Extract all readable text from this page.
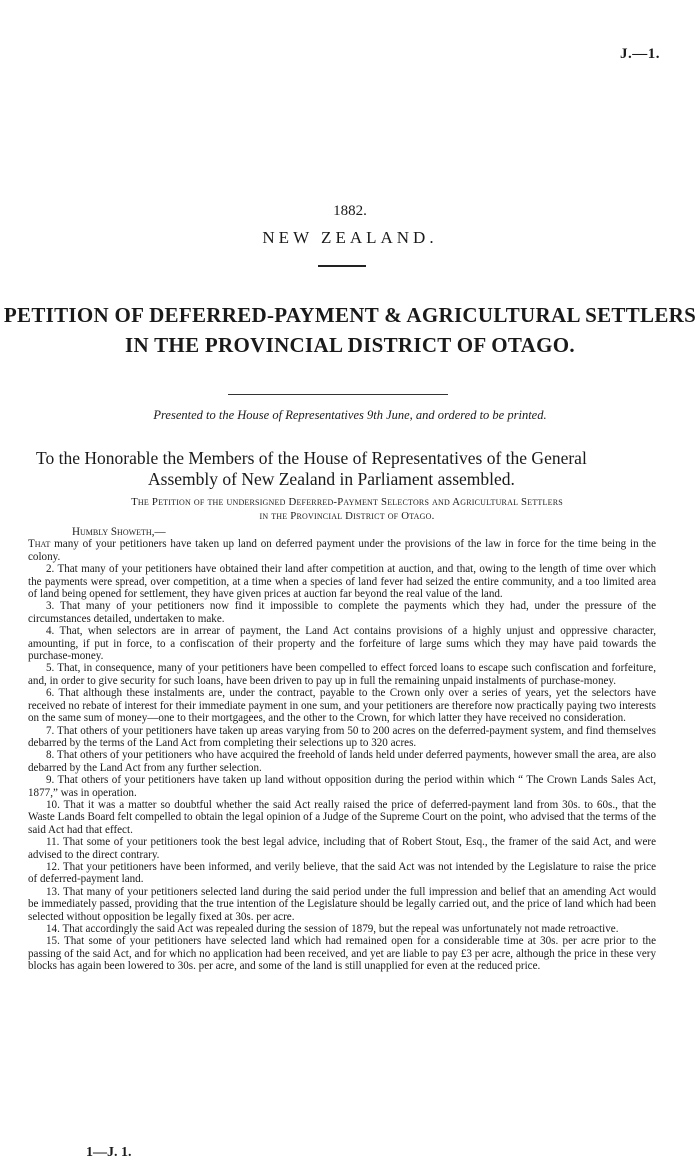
J.—1.
1882.
NEW ZEALAND.
PETITION OF DEFERRED-PAYMENT & AGRICULTURAL SETTLERS
IN THE PROVINCIAL DISTRICT OF OTAGO.
Presented to the House of Representatives 9th June, and ordered to be printed.
To the Honorable the Members of the House of Representatives of the General
Assembly of New Zealand in Parliament assembled.
The Petition of the undersigned Deferred-Payment Selectors and Agricultural Settlers
in the Provincial District of Otago.

Humbly Showeth,—

That many of your petitioners have taken up land on deferred payment under the provisions of the law in force for the time being in the colony.

2. That many of your petitioners have obtained their land after competition at auction, and that, owing to the length of time over which the payments were spread, over competition, at a time when a species of land fever had seized the entire community, and a too limited area of land being opened for settlement, they have given prices at auction far beyond the real value of the land.

3. That many of your petitioners now find it impossible to complete the payments which they had, under the pressure of the circumstances detailed, undertaken to make.

4. That, when selectors are in arrear of payment, the Land Act contains provisions of a highly unjust and oppressive character, amounting, if put in force, to a confiscation of their property and the forfeiture of large sums which they may have paid towards the purchase-money.

5. That, in consequence, many of your petitioners have been compelled to effect forced loans to escape such confiscation and forfeiture, and, in order to give security for such loans, have been driven to pay up in full the remaining unpaid instalments of purchase-money.

6. That although these instalments are, under the contract, payable to the Crown only over a series of years, yet the selectors have received no rebate of interest for their immediate payment in one sum, and your petitioners are therefore now practically paying two interests on the same sum of money—one to their mortgagees, and the other to the Crown, for which latter they have received no consideration.

7. That others of your petitioners have taken up areas varying from 50 to 200 acres on the deferred-payment system, and find themselves debarred by the terms of the Land Act from completing their selections up to 320 acres.

8. That others of your petitioners who have acquired the freehold of lands held under deferred payments, however small the area, are also debarred by the Land Act from any further selection.

9. That others of your petitioners have taken up land without opposition during the period within which “ The Crown Lands Sales Act, 1877,” was in operation.

10. That it was a matter so doubtful whether the said Act really raised the price of deferred-payment land from 30s. to 60s., that the Waste Lands Board felt compelled to obtain the legal opinion of a Judge of the Supreme Court on the point, who advised that the terms of the said Act had that effect.

11. That some of your petitioners took the best legal advice, including that of Robert Stout, Esq., the framer of the said Act, and were advised to the direct contrary.

12. That your petitioners have been informed, and verily believe, that the said Act was not intended by the Legislature to raise the price of deferred-payment land.

13. That many of your petitioners selected land during the said period under the full impression and belief that an amending Act would be immediately passed, providing that the true intention of the Legislature should be legally carried out, and the price of land which had been selected without opposition be legally fixed at 30s. per acre.

14. That accordingly the said Act was repealed during the session of 1879, but the repeal was unfortunately not made retroactive.

15. That some of your petitioners have selected land which had remained open for a considerable time at 30s. per acre prior to the passing of the said Act, and for which no application had been received, and yet are liable to pay £3 per acre, although the price in these very blocks has again been lowered to 30s. per acre, and some of the land is still unapplied for even at the reduced price.

1—J. 1.
